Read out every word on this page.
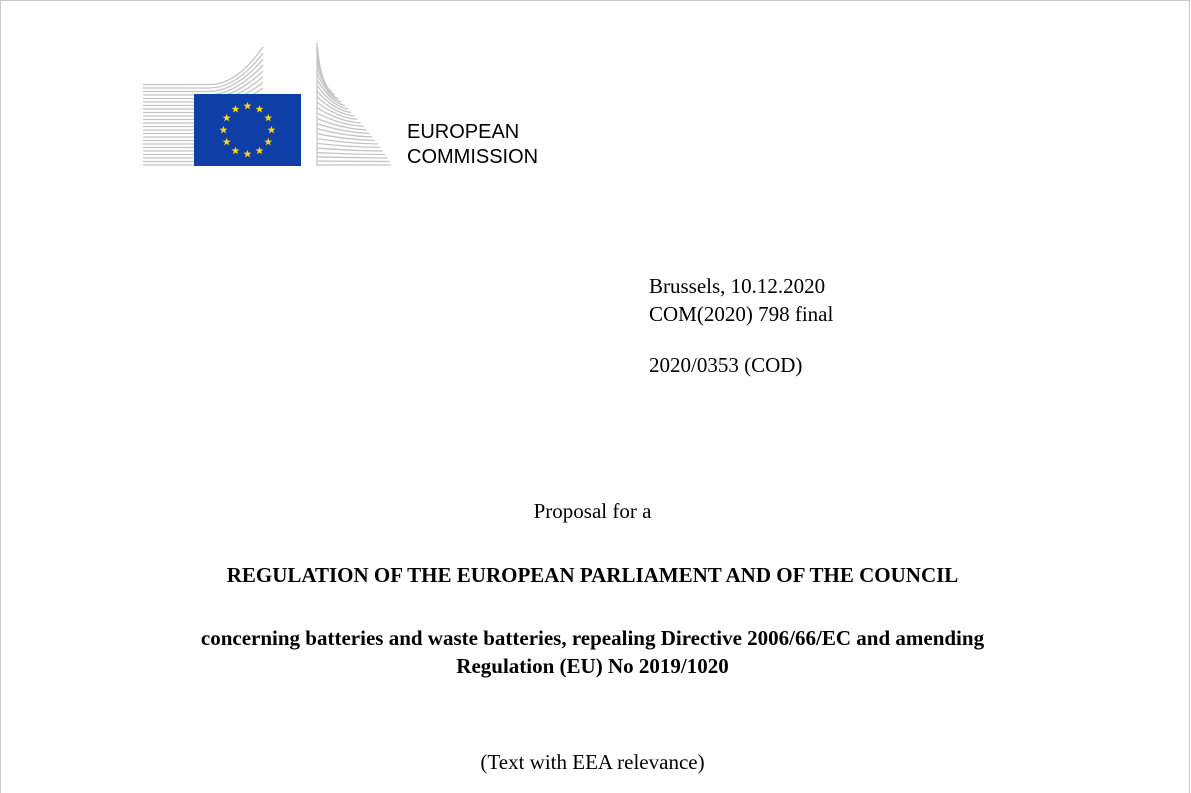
EUROPEAN
COMMISSION
Brussels, 10.12.2020
COM(2020) 798 final
2020/0353 (COD)
Proposal for a
REGULATION OF THE EUROPEAN PARLIAMENT AND OF THE COUNCIL
concerning batteries and waste batteries, repealing Directive 2006/66/EC and amending
Regulation (EU) No 2019/1020
(Text with EEA relevance)
